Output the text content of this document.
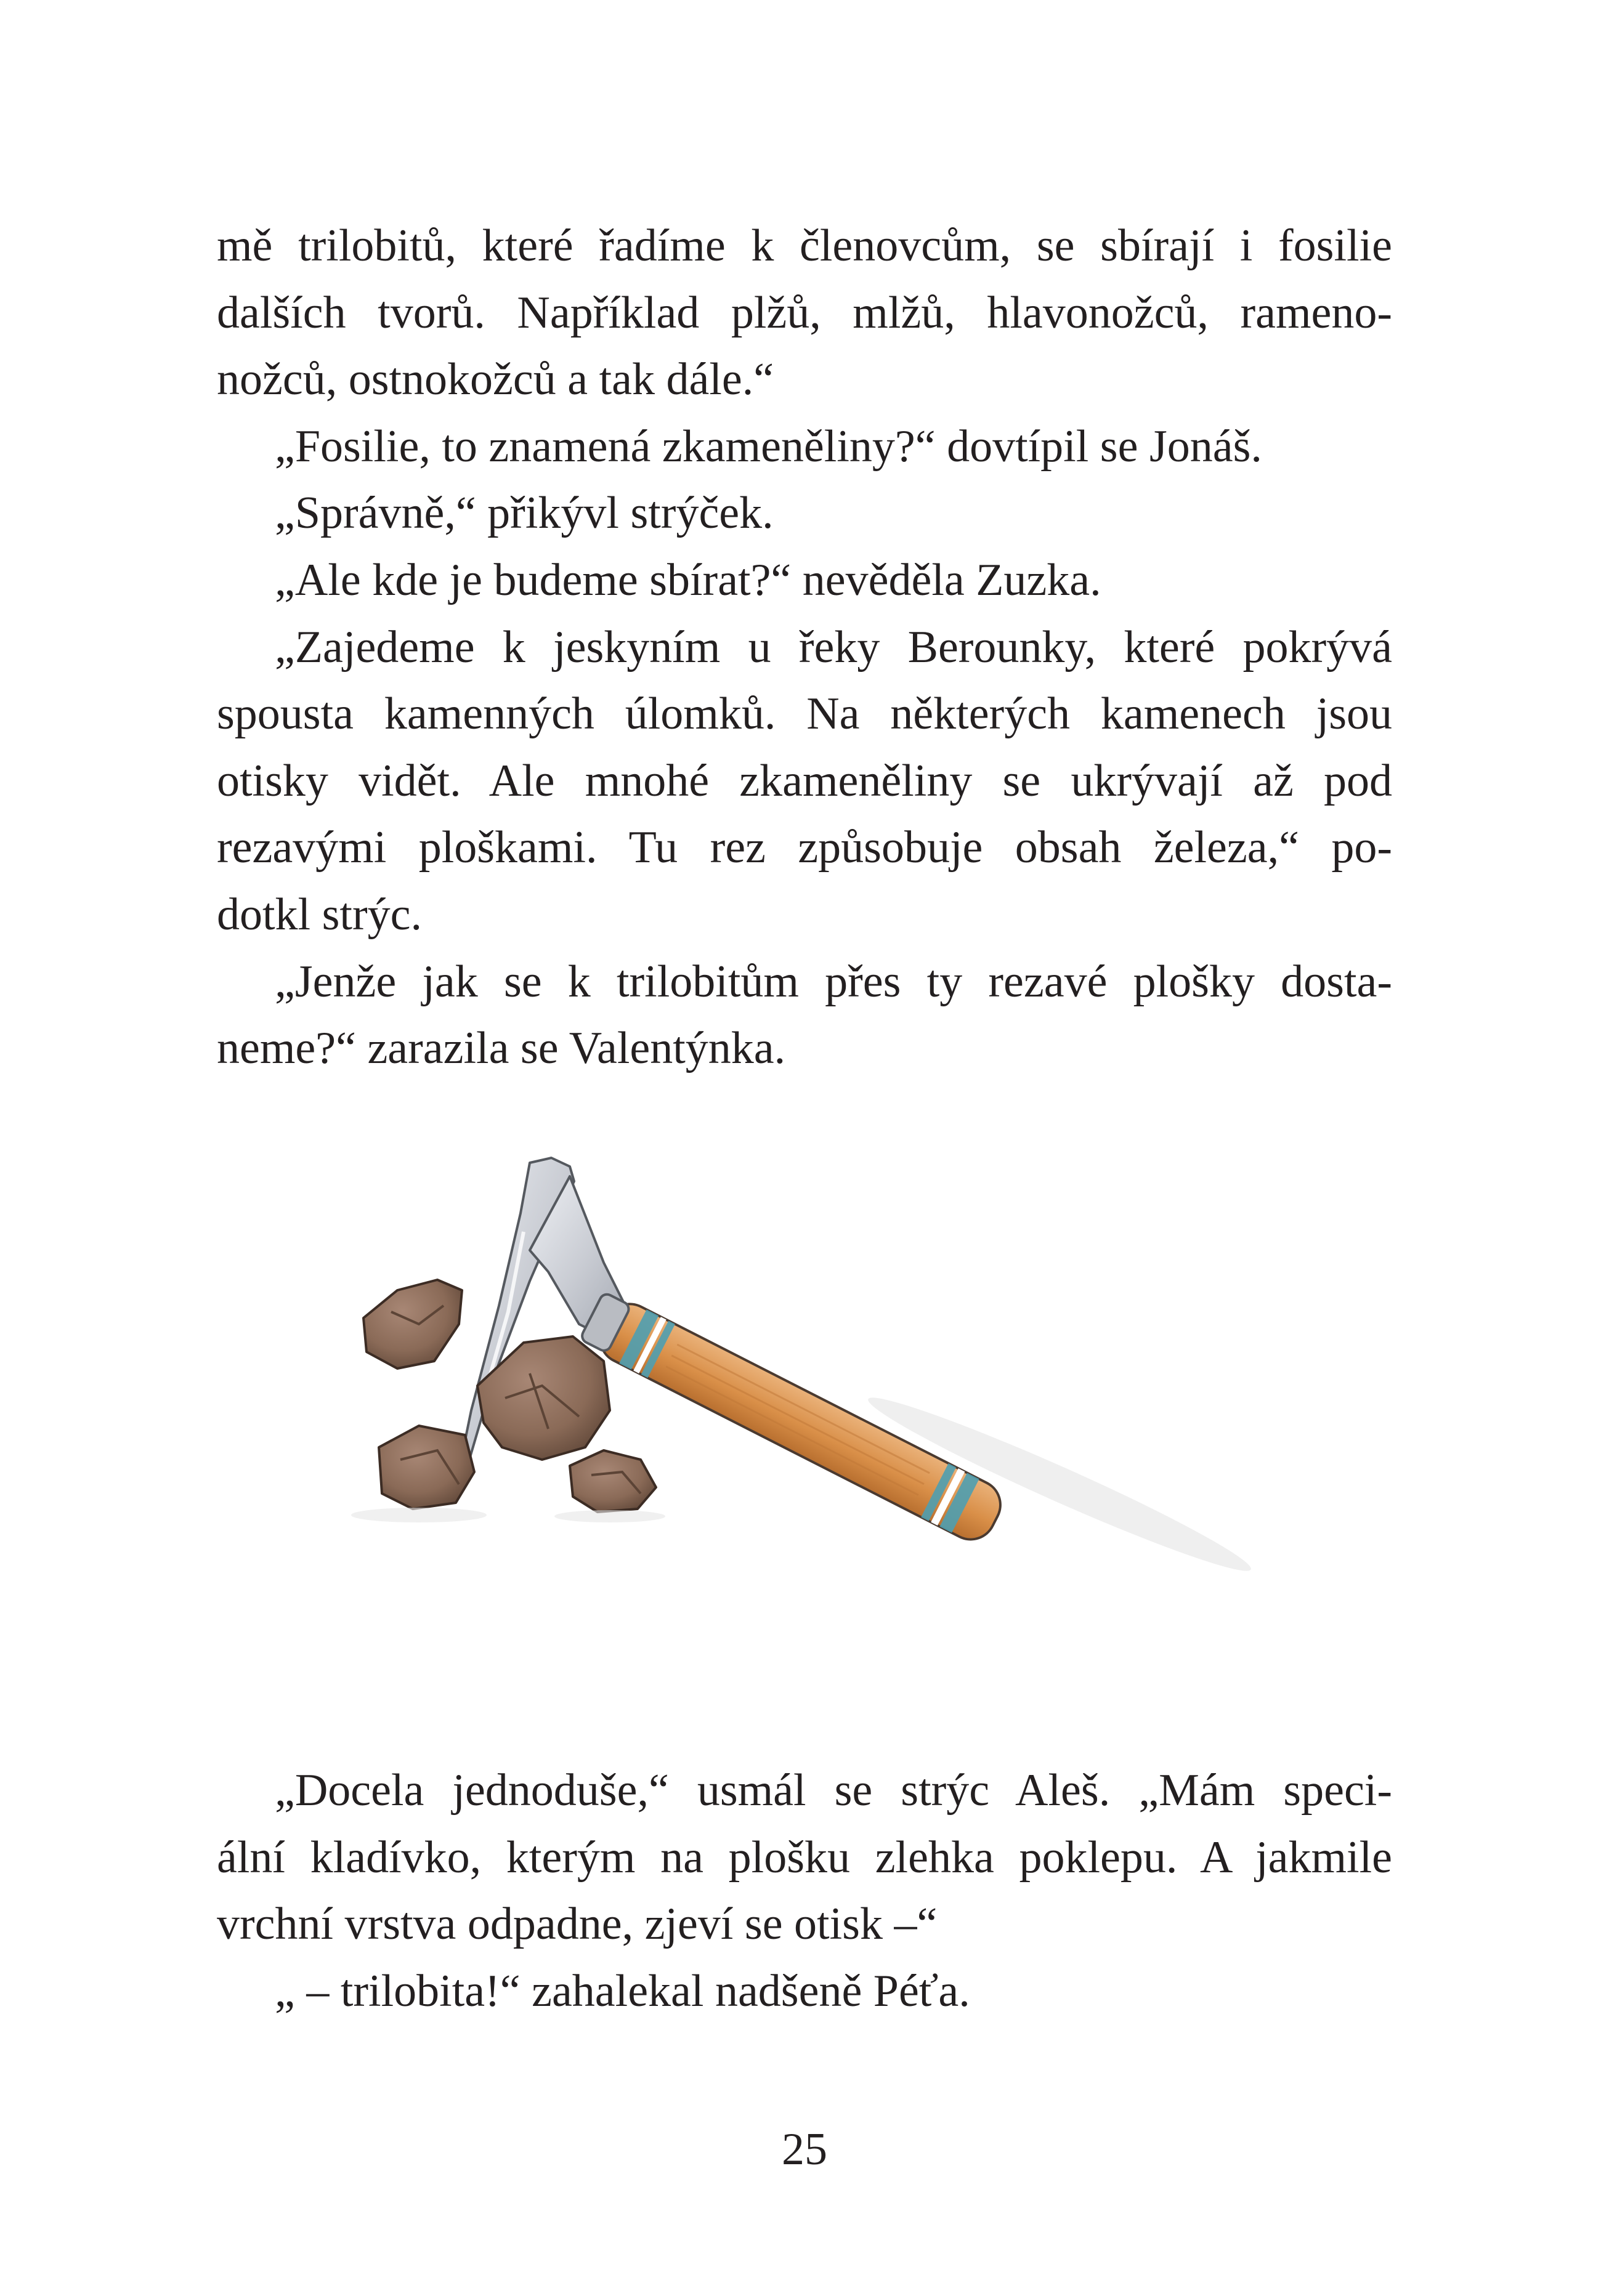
mě trilobitů, které řadíme k členovcům, se sbírají i fosilie
dalších tvorů. Například plžů, mlžů, hlavonožců, rameno-
nožců, ostnokožců a tak dále.“
„Fosilie, to znamená zkameněliny?“ dovtípil se Jonáš.
„Správně,“ přikývl strýček.
„Ale kde je budeme sbírat?“ nevěděla Zuzka.
„Zajedeme k jeskyním u řeky Berounky, které pokrývá
spousta kamenných úlomků. Na některých kamenech jsou
otisky vidět. Ale mnohé zkameněliny se ukrývají až pod
rezavými ploškami. Tu rez způsobuje obsah železa,“ po-
dotkl strýc.
„Jenže jak se k trilobitům přes ty rezavé plošky dosta-
neme?“ zarazila se Valentýnka.
„Docela jednoduše,“ usmál se strýc Aleš. „Mám speci-
ální kladívko, kterým na plošku zlehka poklepu. A jakmile
vrchní vrstva odpadne, zjeví se otisk –“
„ – trilobita!“ zahalekal nadšeně Péťa.
25
